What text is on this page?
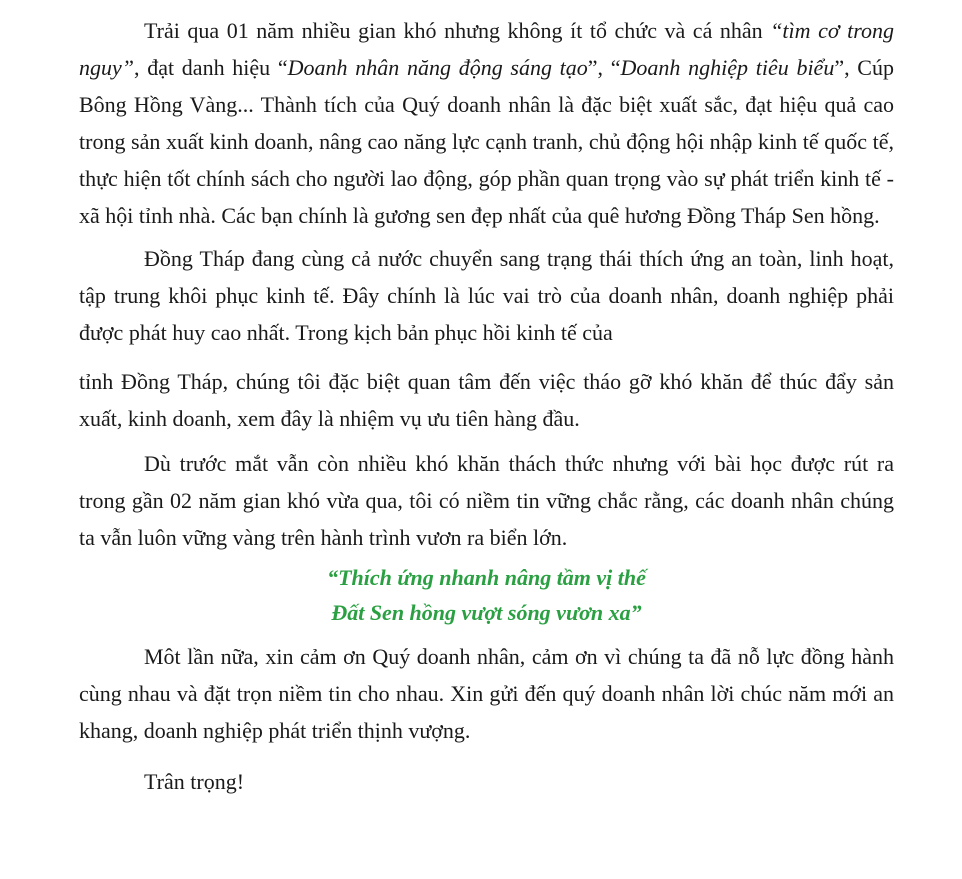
Trải qua 01 năm nhiều gian khó nhưng không ít tổ chức và cá nhân “tìm cơ trong nguy”, đạt danh hiệu “Doanh nhân năng động sáng tạo”, “Doanh nghiệp tiêu biểu”, Cúp Bông Hồng Vàng... Thành tích của Quý doanh nhân là đặc biệt xuất sắc, đạt hiệu quả cao trong sản xuất kinh doanh, nâng cao năng lực cạnh tranh, chủ động hội nhập kinh tế quốc tế, thực hiện tốt chính sách cho người lao động, góp phần quan trọng vào sự phát triển kinh tế - xã hội tỉnh nhà. Các bạn chính là gương sen đẹp nhất của quê hương Đồng Tháp Sen hồng.

Đồng Tháp đang cùng cả nước chuyển sang trạng thái thích ứng an toàn, linh hoạt, tập trung khôi phục kinh tế. Đây chính là lúc vai trò của doanh nhân, doanh nghiệp phải được phát huy cao nhất. Trong kịch bản phục hồi kinh tế của

tỉnh Đồng Tháp, chúng tôi đặc biệt quan tâm đến việc tháo gỡ khó khăn để thúc đẩy sản xuất, kinh doanh, xem đây là nhiệm vụ ưu tiên hàng đầu.

Dù trước mắt vẫn còn nhiều khó khăn thách thức nhưng với bài học được rút ra trong gần 02 năm gian khó vừa qua, tôi có niềm tin vững chắc rằng, các doanh nhân chúng ta vẫn luôn vững vàng trên hành trình vươn ra biển lớn.

“Thích ứng nhanh nâng tầm vị thế
Đất Sen hồng vượt sóng vươn xa”

Môt lần nữa, xin cảm ơn Quý doanh nhân, cảm ơn vì chúng ta đã nỗ lực đồng hành cùng nhau và đặt trọn niềm tin cho nhau. Xin gửi đến quý doanh nhân lời chúc năm mới an khang, doanh nghiệp phát triển thịnh vượng.

Trân trọng!
